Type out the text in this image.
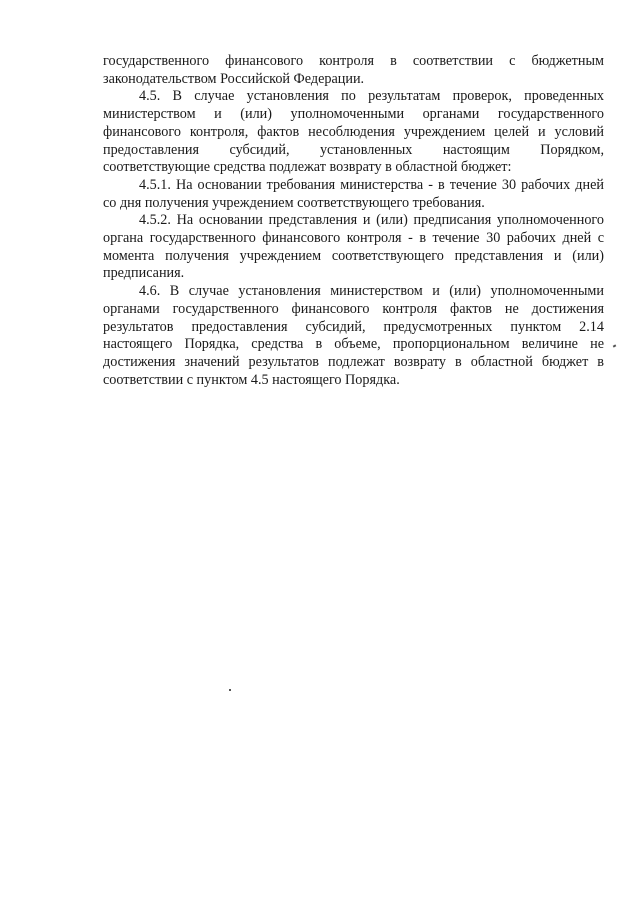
государственного финансового контроля в соответствии с бюджетным законодательством Российской Федерации.

4.5. В случае установления по результатам проверок, проведенных министерством и (или) уполномоченными органами государственного финансового контроля, фактов несоблюдения учреждением целей и условий предоставления субсидий, установленных настоящим Порядком, соответствующие средства подлежат возврату в областной бюджет:

4.5.1. На основании требования министерства - в течение 30 рабочих дней со дня получения учреждением соответствующего требования.

4.5.2. На основании представления и (или) предписания уполномоченного органа государственного финансового контроля - в течение 30 рабочих дней с момента получения учреждением соответствующего представления и (или) предписания.

4.6. В случае установления министерством и (или) уполномоченными органами государственного финансового контроля фактов не достижения результатов предоставления субсидий, предусмотренных пунктом 2.14 настоящего Порядка, средства в объеме, пропорциональном величине не достижения значений результатов подлежат возврату в областной бюджет в соответствии с пунктом 4.5 настоящего Порядка.
